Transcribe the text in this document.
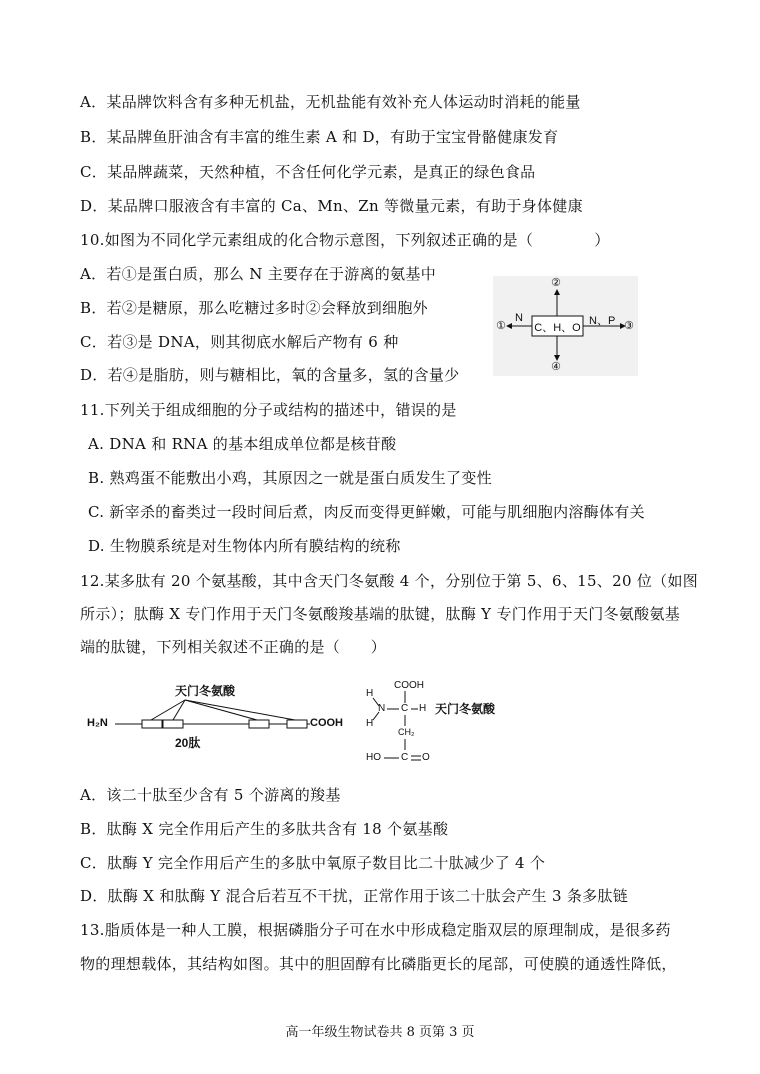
A．某品牌饮料含有多种无机盐，无机盐能有效补充人体运动时消耗的能量
B．某品牌鱼肝油含有丰富的维生素 A 和 D，有助于宝宝骨骼健康发育
C．某品牌蔬菜，天然种植，不含任何化学元素，是真正的绿色食品
D．某品牌口服液含有丰富的 Ca、Mn、Zn 等微量元素，有助于身体健康
10.如图为不同化学元素组成的化合物示意图，下列叙述正确的是（　　　　）
A．若①是蛋白质，那么 N 主要存在于游离的氨基中
B．若②是糖原，那么吃糖过多时②会释放到细胞外
C．若③是 DNA，则其彻底水解后产物有 6 种
D．若④是脂肪，则与糖相比，氧的含量多，氢的含量少
C、H、O
N	N、P
①
②
③
④
11.下列关于组成细胞的分子或结构的描述中，错误的是
A. DNA 和 RNA 的基本组成单位都是核苷酸
B. 熟鸡蛋不能敷出小鸡，其原因之一就是蛋白质发生了变性
C. 新宰杀的畜类过一段时间后煮，肉反而变得更鲜嫩，可能与肌细胞内溶酶体有关
D. 生物膜系统是对生物体内所有膜结构的统称
12.某多肽有 20 个氨基酸，其中含天门冬氨酸 4 个，分别位于第 5、6、15、20 位（如图
所示）；肽酶 X 专门作用于天门冬氨酸羧基端的肽键，肽酶 Y 专门作用于天门冬氨酸氨基
端的肽键，下列相关叙述不正确的是（　　）
天门冬氨酸
H₂N	COOH
20肽
COOH
H
N
H
C H
CH₂
HO C O
天门冬氨酸
A．该二十肽至少含有 5 个游离的羧基
B．肽酶 X 完全作用后产生的多肽共含有 18 个氨基酸
C．肽酶 Y 完全作用后产生的多肽中氧原子数目比二十肽减少了 4 个
D．肽酶 X 和肽酶 Y 混合后若互不干扰，正常作用于该二十肽会产生 3 条多肽链
13.脂质体是一种人工膜，根据磷脂分子可在水中形成稳定脂双层的原理制成，是很多药
物的理想载体，其结构如图。其中的胆固醇有比磷脂更长的尾部，可使膜的通透性降低，
高一年级生物试卷共 8 页第 3 页
